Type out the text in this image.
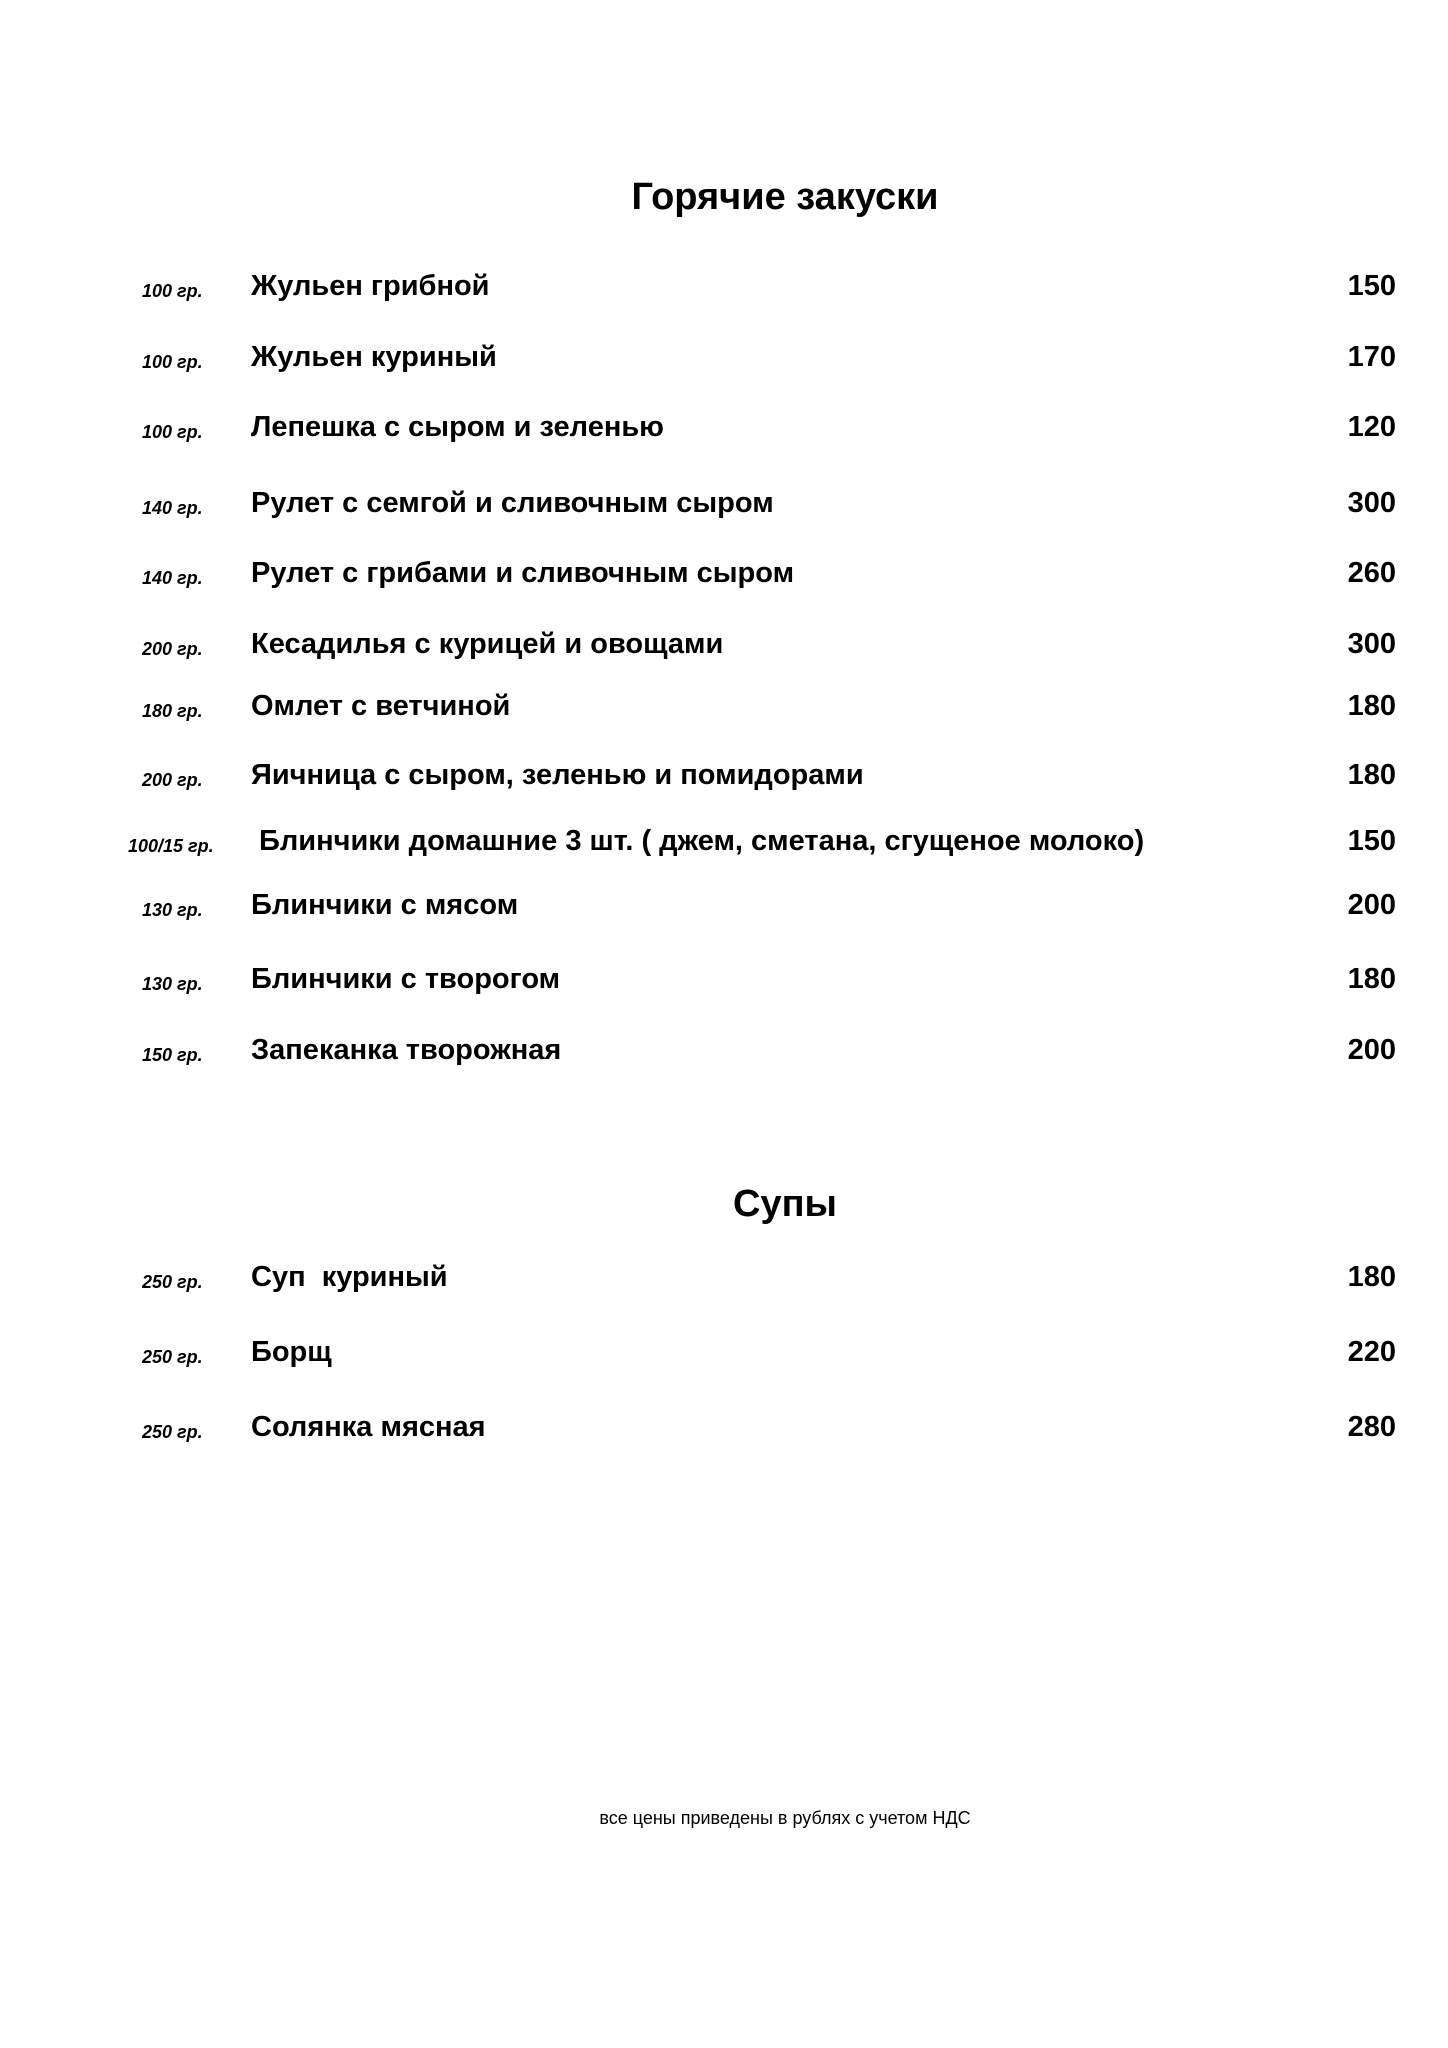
Горячие закуски
100 гр. Жульен грибной	150
100 гр. Жульен куриный	170
100 гр. Лепешка с сыром и зеленью	120
140 гр. Рулет с семгой и сливочным сыром	300
140 гр. Рулет с грибами и сливочным сыром	260
200 гр. Кесадилья с курицей и овощами	300
180 гр. Омлет с ветчиной	180
200 гр. Яичница с сыром, зеленью и помидорами	180
100/15 гр. Блинчики домашние 3 шт. ( джем, сметана, сгущеное молоко)	150
130 гр. Блинчики с мясом	200
130 гр. Блинчики с творогом	180
150 гр. Запеканка творожная	200
Супы
250 гр. Суп  куриный	180
250 гр. Борщ	220
250 гр. Солянка мясная	280

все цены приведены в рублях с учетом НДС
